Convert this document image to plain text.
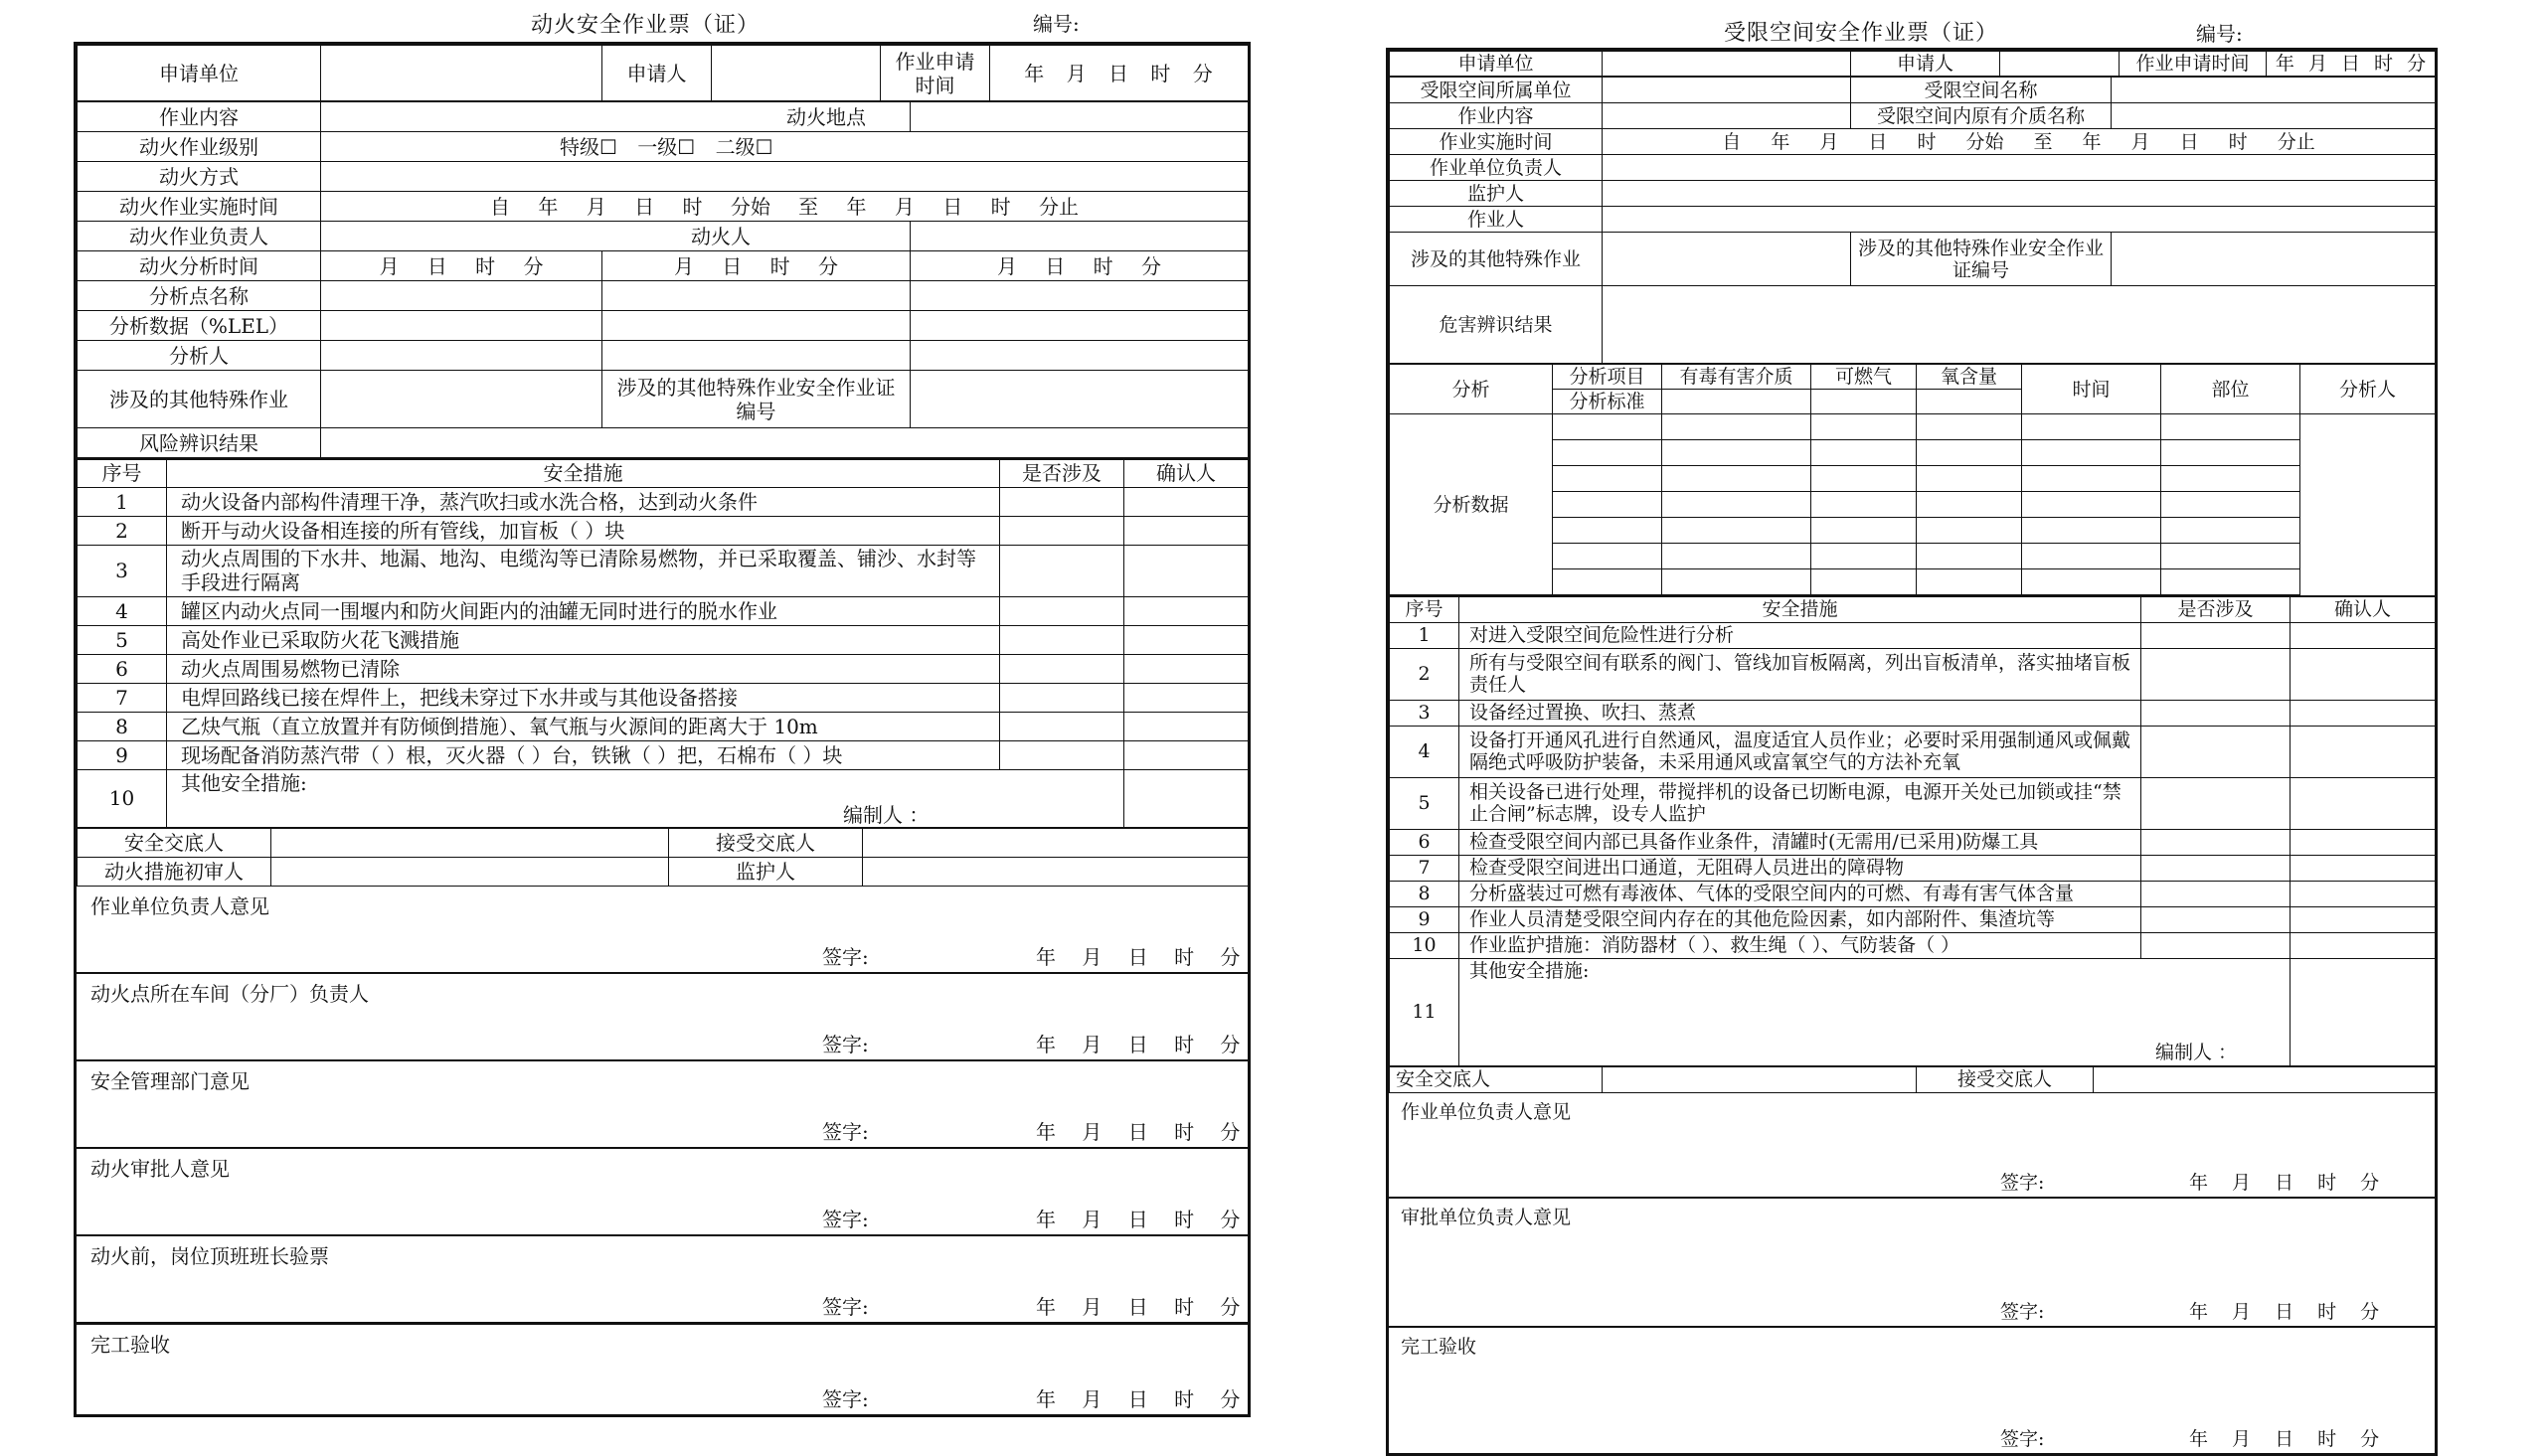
动火安全作业票（证）	编号:
申请单位		申请人		作业申请时间	年 月 日 时 分
作业内容	动火地点		
动火作业级别	特级☐ 一级☐ 二级☐		
动火方式			
动火作业实施时间	自 年 月 日 时 分始 至 年 月 日 时 分止		
动火作业负责人	动火人		
动火分析时间	月 日 时 分	月 日 时 分	月 日 时 分
分析点名称			
分析数据（%LEL）			
分析人			
涉及的其他特殊作业		涉及的其他特殊作业安全作业证编号	
风险辨识结果			
序号	安全措施	是否涉及	确认人
1	动火设备内部构件清理干净，蒸汽吹扫或水洗合格，达到动火条件		
2	断开与动火设备相连接的所有管线，加盲板（ ）块		
3	动火点周围的下水井、地漏、地沟、电缆沟等已清除易燃物，并已采取覆盖、铺沙、水封等手段进行隔离		
4	罐区内动火点同一围堰内和防火间距内的油罐无同时进行的脱水作业		
5	高处作业已采取防火花飞溅措施		
6	动火点周围易燃物已清除		
7	电焊回路线已接在焊件上，把线未穿过下水井或与其他设备搭接		
8	乙炔气瓶（直立放置并有防倾倒措施）、氧气瓶与火源间的距离大于 10m		
9	现场配备消防蒸汽带（ ）根，灭火器（ ）台，铁锹（ ）把，石棉布（ ）块		
10	其他安全措施:
编制人 ：		

安全交底人		接受交底人	
动火措施初审人		监护人	
作业单位负责人意见
签字:	年 月 日 时 分
动火点所在车间（分厂）负责人
签字:	年 月 日 时 分
安全管理部门意见
签字:	年 月 日 时 分
动火审批人意见
签字:	年 月 日 时 分
动火前，岗位顶班班长验票
签字:	年 月 日 时 分
完工验收
签字:	年 月 日 时 分
受限空间安全作业票（证）	编号:
申请单位		申请人		作业申请时间	年 月 日 时 分
受限空间所属单位		受限空间名称	
作业内容		受限空间内原有介质名称	
作业实施时间	自 年 月 日 时 分始 至 年 月 日 时 分止		
作业单位负责人			
监护人			
作业人			
涉及的其他特殊作业		涉及的其他特殊作业安全作业证编号	
危害辨识结果			
分析	分析项目	有毒有害介质	可燃气	氧含量	时间	部位	分析人
	分析标准						
分析数据							

序号	安全措施	是否涉及	确认人
1	对进入受限空间危险性进行分析		
2	所有与受限空间有联系的阀门、管线加盲板隔离，列出盲板清单，落实抽堵盲板责任人		
3	设备经过置换、吹扫、蒸煮		
4	设备打开通风孔进行自然通风，温度适宜人员作业；必要时采用强制通风或佩戴隔绝式呼吸防护装备，未采用通风或富氧空气的方法补充氧		
5	相关设备已进行处理，带搅拌机的设备已切断电源，电源开关处已加锁或挂“禁止合闸”标志牌，设专人监护		
6	检查受限空间内部已具备作业条件，清罐时(无需用/已采用)防爆工具		
7	检查受限空间进出口通道，无阻碍人员进出的障碍物		
8	分析盛装过可燃有毒液体、气体的受限空间内的可燃、有毒有害气体含量		
9	作业人员清楚受限空间内存在的其他危险因素，如内部附件、集渣坑等		
10	作业监护措施：消防器材（ ）、救生绳（ ）、气防装备（ ）		
11	其他安全措施:
编制人 ：		

安全交底人		接受交底人	
作业单位负责人意见
签字:	年 月 日 时 分
审批单位负责人意见
签字:	年 月 日 时 分
完工验收
签字:	年 月 日 时 分
